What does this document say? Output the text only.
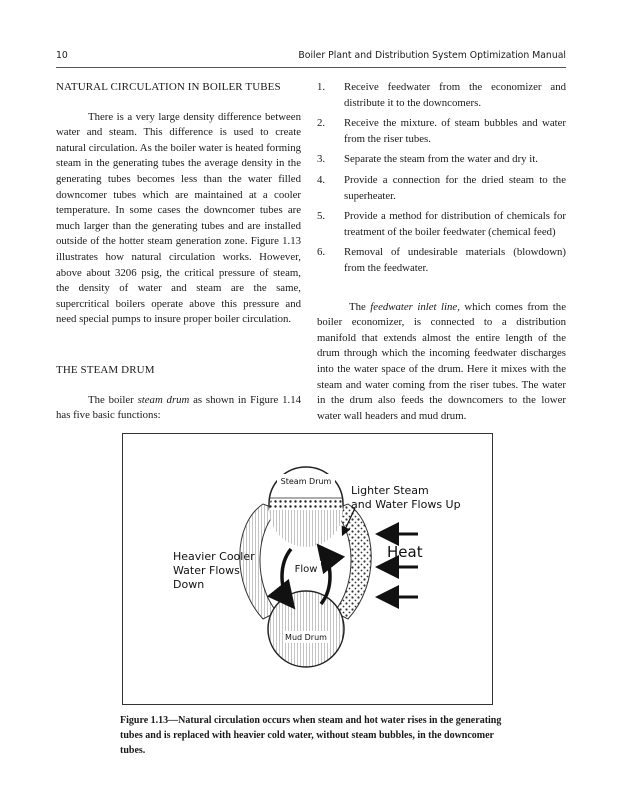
10	Boiler Plant and Distribution System Optimization Manual
NATURAL CIRCULATION IN BOILER TUBES

There is a very large density difference between water and steam. This difference is used to create natural circulation. As the boiler water is heated forming steam in the generating tubes the average density in the generating tubes becomes less than the water filled downcomer tubes which are maintained at a cooler temperature. In some cases the downcomer tubes are much larger than the generating tubes and are installed outside of the hotter steam generation zone. Figure 1.13 illustrates how natural circulation works. However, above about 3206 psig, the critical pressure of steam, the density of water and steam are the same, supercritical boilers operate above this pressure and need special pumps to insure proper boiler circulation.

THE STEAM DRUM

The boiler steam drum as shown in Figure 1.14 has five basic functions:

1.	Receive feedwater from the economizer and distribute it to the downcomers.
2.	Receive the mixture. of steam bubbles and water from the riser tubes.
3.	Separate the steam from the water and dry it.
4.	Provide a connection for the dried steam to the superheater.
5.	Provide a method for distribution of chemicals for treatment of the boiler feedwater (chemical feed)
6.	Removal of undesirable materials (blowdown) from the feedwater.

The feedwater inlet line, which comes from the boiler economizer, is connected to a distribution manifold that extends almost the entire length of the drum through which the incoming feedwater discharges into the water space of the drum. Here it mixes with the steam and water coming from the riser tubes. The water in the drum also feeds the downcomers to the lower water wall headers and mud drum.

Steam Drum
Lighter Steam
and Water Flows Up
Heat
Heavier Cooler
Water Flows
Down
Flow
Mud Drum
Figure 1.13—Natural circulation occurs when steam and hot water rises in the generating tubes and is replaced with heavier cold water, without steam bubbles, in the downcomer tubes.
